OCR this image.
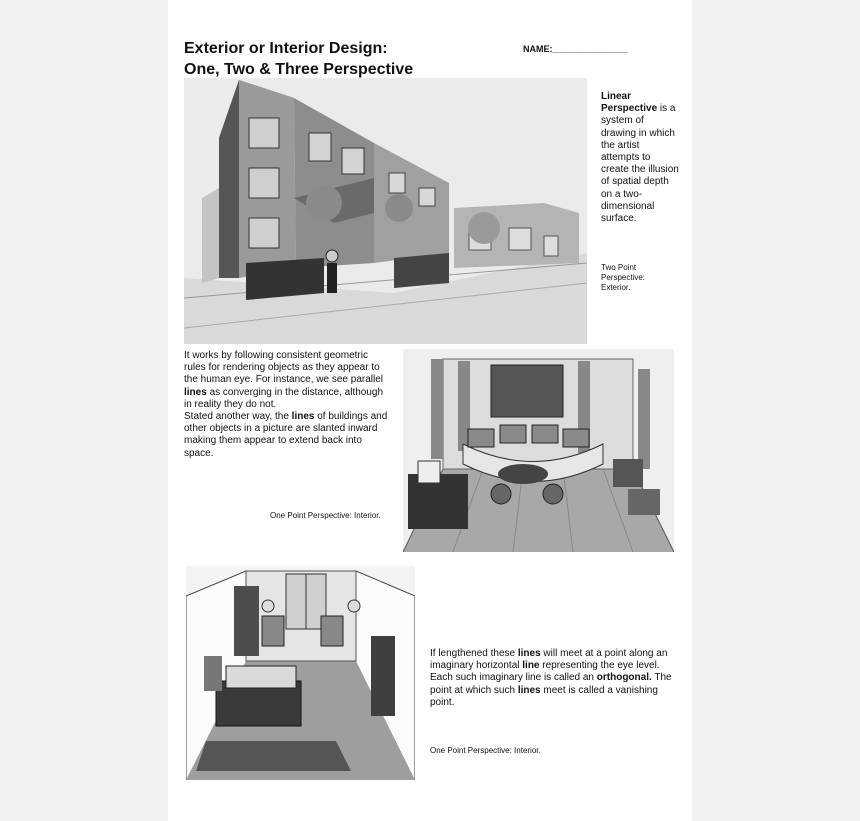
Exterior or Interior Design:
One, Two & Three Perspective
NAME:_______________

Linear Perspective is a system of drawing in which the artist attempts to create the illusion of spatial depth on a two-dimensional surface.

Two Point Perspective: Exterior.

It works by following consistent geometric rules for rendering objects as they appear to the human eye. For instance, we see parallel lines as converging in the distance, although in reality they do not.
Stated another way, the lines of buildings and other objects in a picture are slanted inward making them appear to extend back into space.

One Point Perspective: Interior.

If lengthened these lines will meet at a point along an imaginary horizontal line representing the eye level. Each such imaginary line is called an orthogonal. The point at which such lines meet is called a vanishing point.

One Point Perspective: Interior.
